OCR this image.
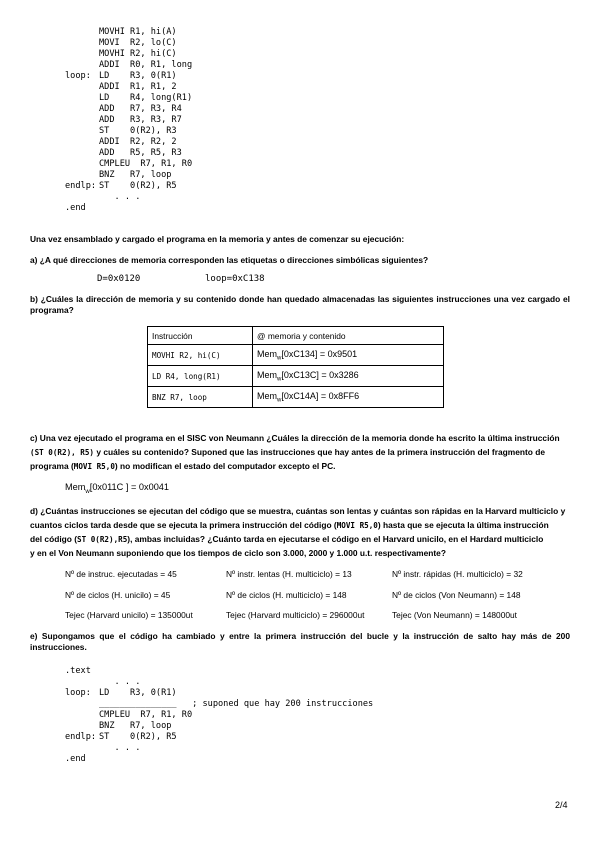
MOVHI R1, hi(A)
MOVI  R2, lo(C)
MOVHI R2, hi(C)
ADDI  R0, R1, long
loop: LD    R3, 0(R1)
ADDI  R1, R1, 2
LD    R4, long(R1)
ADD   R7, R3, R4
ADD   R3, R3, R7
ST    0(R2), R3
ADDI  R2, R2, 2
ADD   R5, R5, R3
CMPLEU  R7, R1, R0
BNZ   R7, loop
endlp: ST    0(R2), R5
. . .
.end
Una vez ensamblado y cargado el programa en la memoria y antes de comenzar su ejecución:
a) ¿A qué direcciones de memoria corresponden las etiquetas o direcciones simbólicas siguientes?
D=0x0120	loop=0xC138
b) ¿Cuáles la dirección de memoria y su contenido donde han quedado almacenadas las siguientes instrucciones una vez cargado el programa?
Instrucción	@ memoria y contenido
MOVHI R2, hi(C)	Mem$_w$[0xC134] = 0x9501
LD R4, long(R1)	Mem$_w$[0xC13C] = 0x3286
BNZ R7, loop	Mem$_w$[0xC14A] = 0x8FF6
c) Una vez ejecutado el programa en el SISC von Neumann ¿Cuáles la dirección de la memoria donde ha escrito la última instrucción
(ST 0(R2), R5) y cuáles su contenido? Suponed que las instrucciones que hay antes de la primera instrucción del fragmento de
programa (MOVI R5,0) no modifican el estado del computador excepto el PC.
Mem$_w$[0x011C ] = 0x0041
d) ¿Cuántas instrucciones se ejecutan del código que se muestra, cuántas son lentas y cuántas son rápidas en la Harvard multiciclo y
cuantos ciclos tarda desde que se ejecuta la primera instrucción del código (MOVI R5,0) hasta que se ejecuta la última instrucción
del código (ST 0(R2),R5), ambas incluidas? ¿Cuánto tarda en ejecutarse el código en el Harvard unicilo, en el Hardard multiciclo
y en el Von Neumann suponiendo que los tiempos de ciclo son 3.000, 2000 y 1.000 u.t. respectivamente?
Nº de instruc. ejecutadas = 45	Nº instr. lentas (H. multiciclo) = 13	Nº instr. rápidas (H. multiciclo) = 32
Nº de ciclos (H. unicilo) = 45	Nº de ciclos (H. multiciclo) = 148	Nº de ciclos (Von Neumann) = 148
Tejec (Harvard unicilo) = 135000ut	Tejec (Harvard multiciclo) = 296000ut	Tejec (Von Neumann) = 148000ut
e) Supongamos que el código ha cambiado y entre la primera instrucción del bucle y la instrucción de salto hay más de 200 instrucciones.
.text
. . .
loop: LD    R3, 0(R1)
_______________   ; suponed que hay 200 instrucciones
CMPLEU  R7, R1, R0
BNZ   R7, loop
endlp: ST    0(R2), R5
. . .
.end
2/4
